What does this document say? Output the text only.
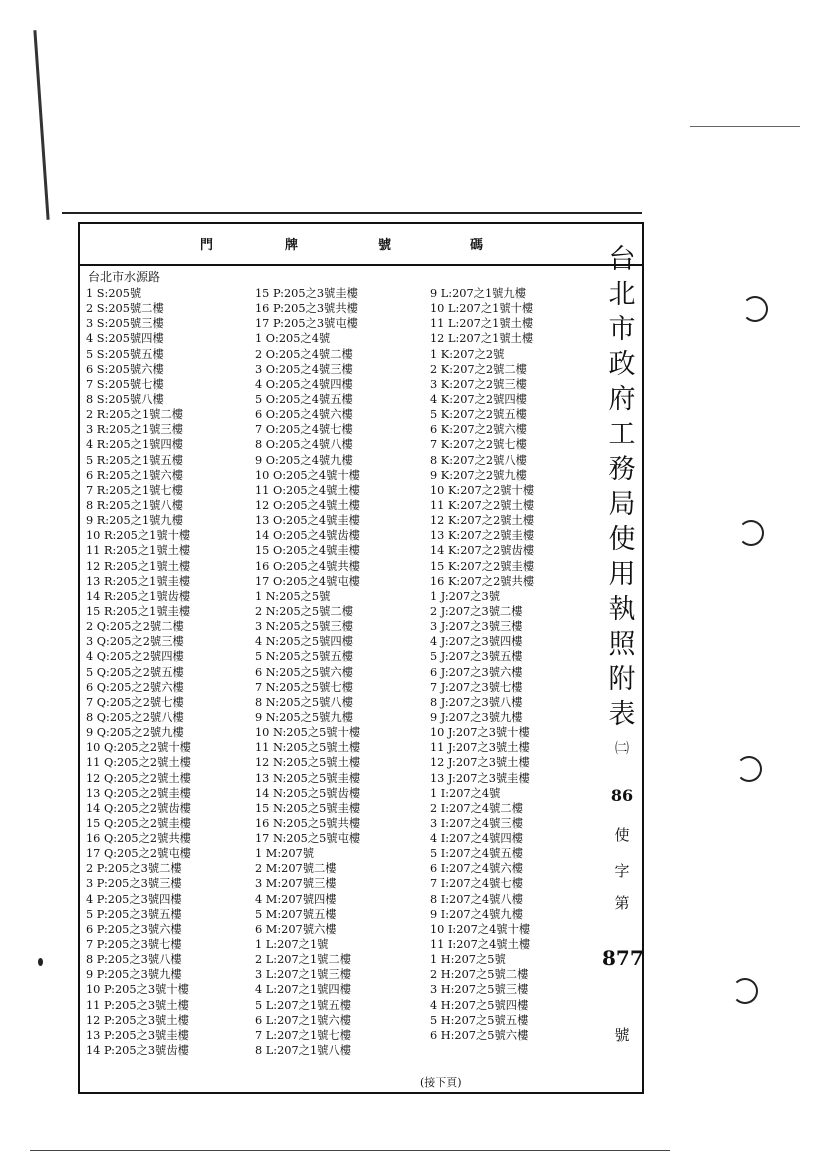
門	牌	號	碼
台北市水源路
1 S:205號
2 S:205號二樓
3 S:205號三樓
4 S:205號四樓
5 S:205號五樓
6 S:205號六樓
7 S:205號七樓
8 S:205號八樓
2 R:205之1號二樓
3 R:205之1號三樓
4 R:205之1號四樓
5 R:205之1號五樓
6 R:205之1號六樓
7 R:205之1號七樓
8 R:205之1號八樓
9 R:205之1號九樓
10 R:205之1號十樓
11 R:205之1號土樓
12 R:205之1號土樓
13 R:205之1號圭樓
14 R:205之1號齿樓
15 R:205之1號圭樓
2 Q:205之2號二樓
3 Q:205之2號三樓
4 Q:205之2號四樓
5 Q:205之2號五樓
6 Q:205之2號六樓
7 Q:205之2號七樓
8 Q:205之2號八樓
9 Q:205之2號九樓
10 Q:205之2號十樓
11 Q:205之2號土樓
12 Q:205之2號土樓
13 Q:205之2號圭樓
14 Q:205之2號齿樓
15 Q:205之2號圭樓
16 Q:205之2號共樓
17 Q:205之2號屯樓
2 P:205之3號二樓
3 P:205之3號三樓
4 P:205之3號四樓
5 P:205之3號五樓
6 P:205之3號六樓
7 P:205之3號七樓
8 P:205之3號八樓
9 P:205之3號九樓
10 P:205之3號十樓
11 P:205之3號土樓
12 P:205之3號土樓
13 P:205之3號圭樓
14 P:205之3號齿樓
15 P:205之3號圭樓
16 P:205之3號共樓
17 P:205之3號屯樓
1 O:205之4號
2 O:205之4號二樓
3 O:205之4號三樓
4 O:205之4號四樓
5 O:205之4號五樓
6 O:205之4號六樓
7 O:205之4號七樓
8 O:205之4號八樓
9 O:205之4號九樓
10 O:205之4號十樓
11 O:205之4號土樓
12 O:205之4號土樓
13 O:205之4號圭樓
14 O:205之4號齿樓
15 O:205之4號圭樓
16 O:205之4號共樓
17 O:205之4號屯樓
1 N:205之5號
2 N:205之5號二樓
3 N:205之5號三樓
4 N:205之5號四樓
5 N:205之5號五樓
6 N:205之5號六樓
7 N:205之5號七樓
8 N:205之5號八樓
9 N:205之5號九樓
10 N:205之5號十樓
11 N:205之5號土樓
12 N:205之5號土樓
13 N:205之5號圭樓
14 N:205之5號齿樓
15 N:205之5號圭樓
16 N:205之5號共樓
17 N:205之5號屯樓
1 M:207號
2 M:207號二樓
3 M:207號三樓
4 M:207號四樓
5 M:207號五樓
6 M:207號六樓
1 L:207之1號
2 L:207之1號二樓
3 L:207之1號三樓
4 L:207之1號四樓
5 L:207之1號五樓
6 L:207之1號六樓
7 L:207之1號七樓
8 L:207之1號八樓
9 L:207之1號九樓
10 L:207之1號十樓
11 L:207之1號土樓
12 L:207之1號土樓
1 K:207之2號
2 K:207之2號二樓
3 K:207之2號三樓
4 K:207之2號四樓
5 K:207之2號五樓
6 K:207之2號六樓
7 K:207之2號七樓
8 K:207之2號八樓
9 K:207之2號九樓
10 K:207之2號十樓
11 K:207之2號土樓
12 K:207之2號土樓
13 K:207之2號圭樓
14 K:207之2號齿樓
15 K:207之2號圭樓
16 K:207之2號共樓
1 J:207之3號
2 J:207之3號二樓
3 J:207之3號三樓
4 J:207之3號四樓
5 J:207之3號五樓
6 J:207之3號六樓
7 J:207之3號七樓
8 J:207之3號八樓
9 J:207之3號九樓
10 J:207之3號十樓
11 J:207之3號土樓
12 J:207之3號土樓
13 J:207之3號圭樓
1 I:207之4號
2 I:207之4號二樓
3 I:207之4號三樓
4 I:207之4號四樓
5 I:207之4號五樓
6 I:207之4號六樓
7 I:207之4號七樓
8 I:207之4號八樓
9 I:207之4號九樓
10 I:207之4號十樓
11 I:207之4號土樓
1 H:207之5號
2 H:207之5號二樓
3 H:207之5號三樓
4 H:207之5號四樓
5 H:207之5號五樓
6 H:207之5號六樓
(接下頁)
台
北
市
政
府
工
務
局
使
用
執
照
附
表
㈡
86
使
字
第
877
號
